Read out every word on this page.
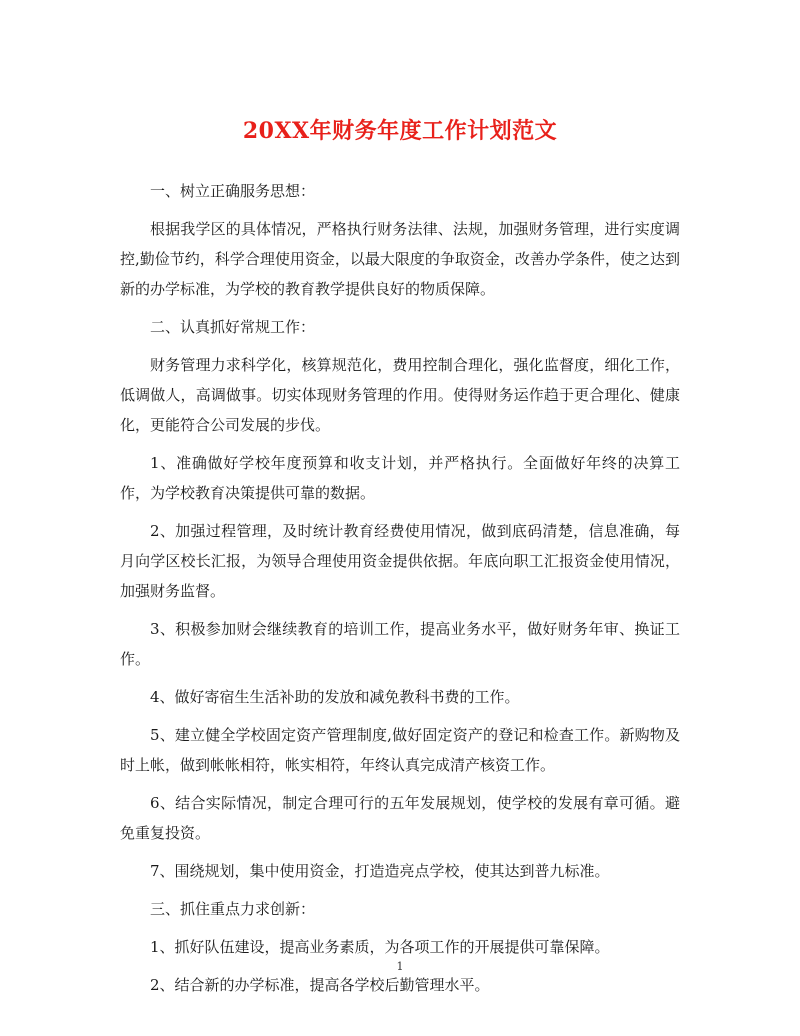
20XX年财务年度工作计划范文

一、树立正确服务思想：

根据我学区的具体情况，严格执行财务法律、法规，加强财务管理，进行实度调控,勤俭节约，科学合理使用资金，以最大限度的争取资金，改善办学条件，使之达到新的办学标准，为学校的教育教学提供良好的物质保障。

二、认真抓好常规工作：

财务管理力求科学化，核算规范化，费用控制合理化，强化监督度，细化工作，低调做人，高调做事。切实体现财务管理的作用。使得财务运作趋于更合理化、健康化，更能符合公司发展的步伐。

1、准确做好学校年度预算和收支计划，并严格执行。全面做好年终的决算工作，为学校教育决策提供可靠的数据。

2、加强过程管理，及时统计教育经费使用情况，做到底码清楚，信息准确，每月向学区校长汇报，为领导合理使用资金提供依据。年底向职工汇报资金使用情况，加强财务监督。

3、积极参加财会继续教育的培训工作，提高业务水平，做好财务年审、换证工作。

4、做好寄宿生生活补助的发放和减免教科书费的工作。

5、建立健全学校固定资产管理制度,做好固定资产的登记和检查工作。新购物及时上帐，做到帐帐相符，帐实相符，年终认真完成清产核资工作。

6、结合实际情况，制定合理可行的五年发展规划，使学校的发展有章可循。避免重复投资。

7、围绕规划，集中使用资金，打造造亮点学校，使其达到普九标准。

三、抓住重点力求创新：

1、抓好队伍建设，提高业务素质，为各项工作的开展提供可靠保障。

2、结合新的办学标准，提高各学校后勤管理水平。

1
